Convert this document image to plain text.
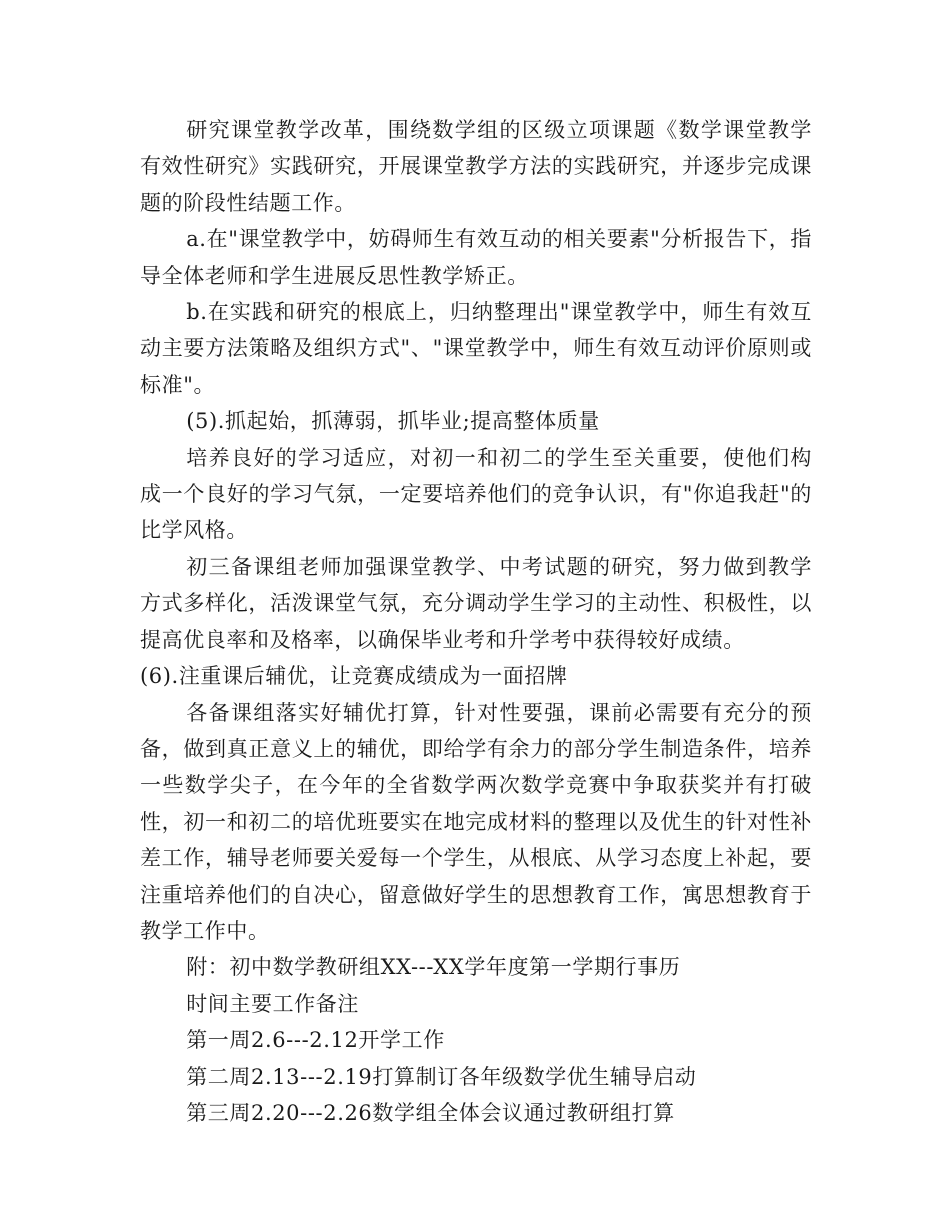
研究课堂教学改革，围绕数学组的区级立项课题《数学课堂教学有效性研究》实践研究，开展课堂教学方法的实践研究，并逐步完成课题的阶段性结题工作。

a.在"课堂教学中，妨碍师生有效互动的相关要素"分析报告下，指导全体老师和学生进展反思性教学矫正。

b.在实践和研究的根底上，归纳整理出"课堂教学中，师生有效互动主要方法策略及组织方式"、"课堂教学中，师生有效互动评价原则或标准"。

(5).抓起始，抓薄弱，抓毕业;提高整体质量

培养良好的学习适应，对初一和初二的学生至关重要，使他们构成一个良好的学习气氛，一定要培养他们的竞争认识，有"你追我赶"的比学风格。

初三备课组老师加强课堂教学、中考试题的研究，努力做到教学方式多样化，活泼课堂气氛，充分调动学生学习的主动性、积极性，以提高优良率和及格率，以确保毕业考和升学考中获得较好成绩。

(6).注重课后辅优，让竞赛成绩成为一面招牌

各备课组落实好辅优打算，针对性要强，课前必需要有充分的预备，做到真正意义上的辅优，即给学有余力的部分学生制造条件，培养一些数学尖子，在今年的全省数学两次数学竞赛中争取获奖并有打破性，初一和初二的培优班要实在地完成材料的整理以及优生的针对性补差工作，辅导老师要关爱每一个学生，从根底、从学习态度上补起，要注重培养他们的自决心，留意做好学生的思想教育工作，寓思想教育于教学工作中。

附：初中数学教研组XX---XX学年度第一学期行事历

时间主要工作备注

第一周2.6---2.12开学工作

第二周2.13---2.19打算制订各年级数学优生辅导启动

第三周2.20---2.26数学组全体会议通过教研组打算
